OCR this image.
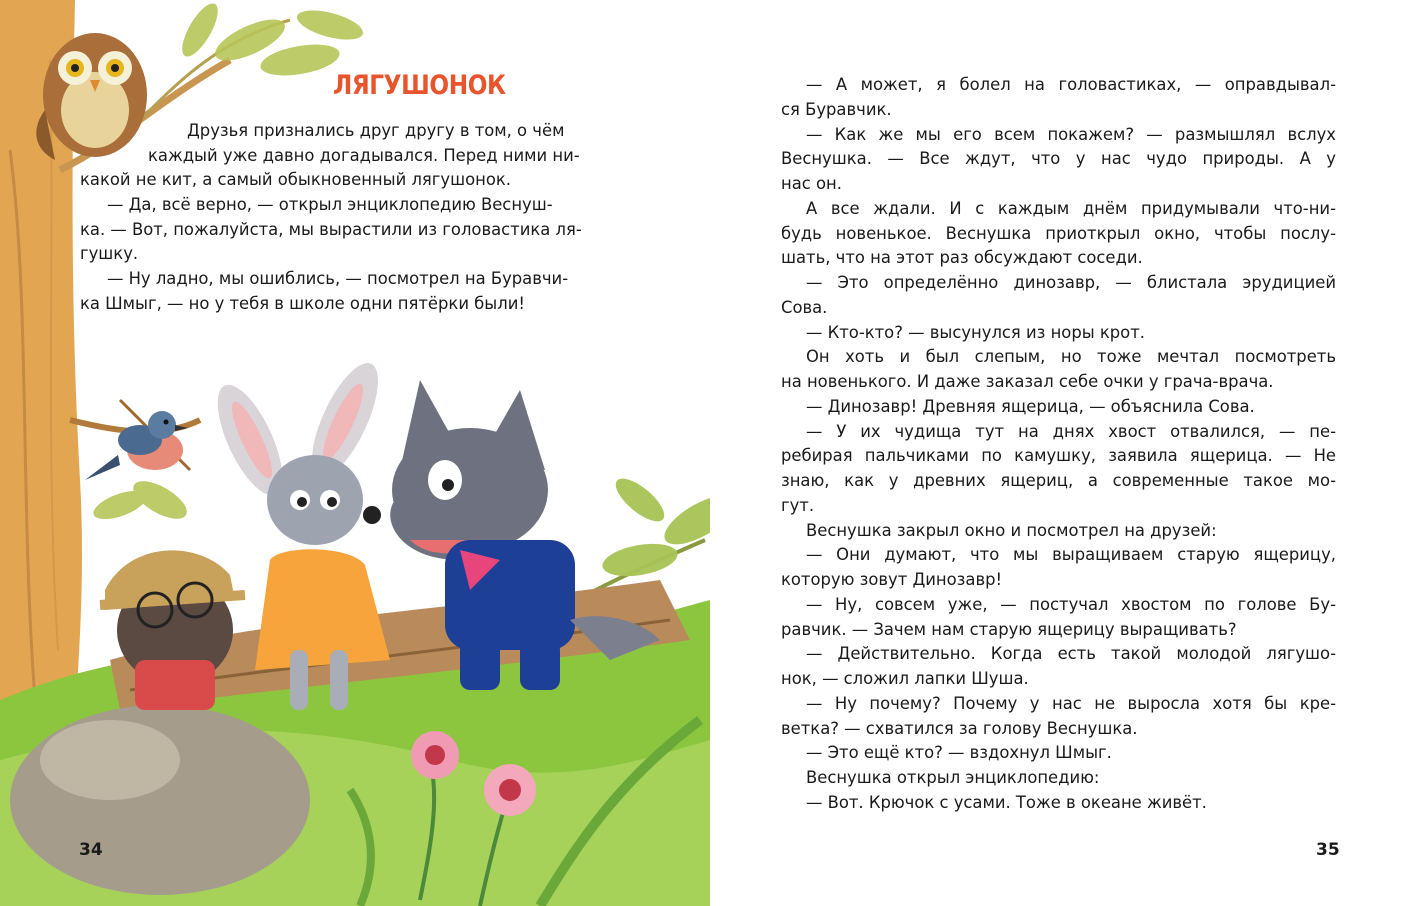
ЛЯГУШОНОК
Друзья признались друг другу в том, о чём
каждый уже давно догадывался. Перед ними ни-
какой не кит, а самый обыкновенный лягушонок.
— Да, всё верно, — открыл энциклопедию Веснуш-
ка. — Вот, пожалуйста, мы вырастили из головастика ля-
гушку.
— Ну ладно, мы ошиблись, — посмотрел на Буравчи-
ка Шмыг, — но у тебя в школе одни пятёрки были!
34
— А может, я болел на головастиках, — оправдывал-
ся Буравчик.
— Как же мы его всем покажем? — размышлял вслух
Веснушка. — Все ждут, что у нас чудо природы. А у
нас он.
А все ждали. И с каждым днём придумывали что-ни-
будь новенькое. Веснушка приоткрыл окно, чтобы послу-
шать, что на этот раз обсуждают соседи.
— Это определённо динозавр, — блистала эрудицией
Сова.
— Кто-кто? — высунулся из норы крот.
Он хоть и был слепым, но тоже мечтал посмотреть
на новенького. И даже заказал себе очки у грача-врача.
— Динозавр! Древняя ящерица, — объяснила Сова.
— У их чудища тут на днях хвост отвалился, — пе-
ребирая пальчиками по камушку, заявила ящерица. — Не
знаю, как у древних ящериц, а современные такое мо-
гут.
Веснушка закрыл окно и посмотрел на друзей:
— Они думают, что мы выращиваем старую ящерицу,
которую зовут Динозавр!
— Ну, совсем уже, — постучал хвостом по голове Бу-
равчик. — Зачем нам старую ящерицу выращивать?
— Действительно. Когда есть такой молодой лягушо-
нок, — сложил лапки Шуша.
— Ну почему? Почему у нас не выросла хотя бы кре-
ветка? — схватился за голову Веснушка.
— Это ещё кто? — вздохнул Шмыг.
Веснушка открыл энциклопедию:
— Вот. Крючок с усами. Тоже в океане живёт.
35
